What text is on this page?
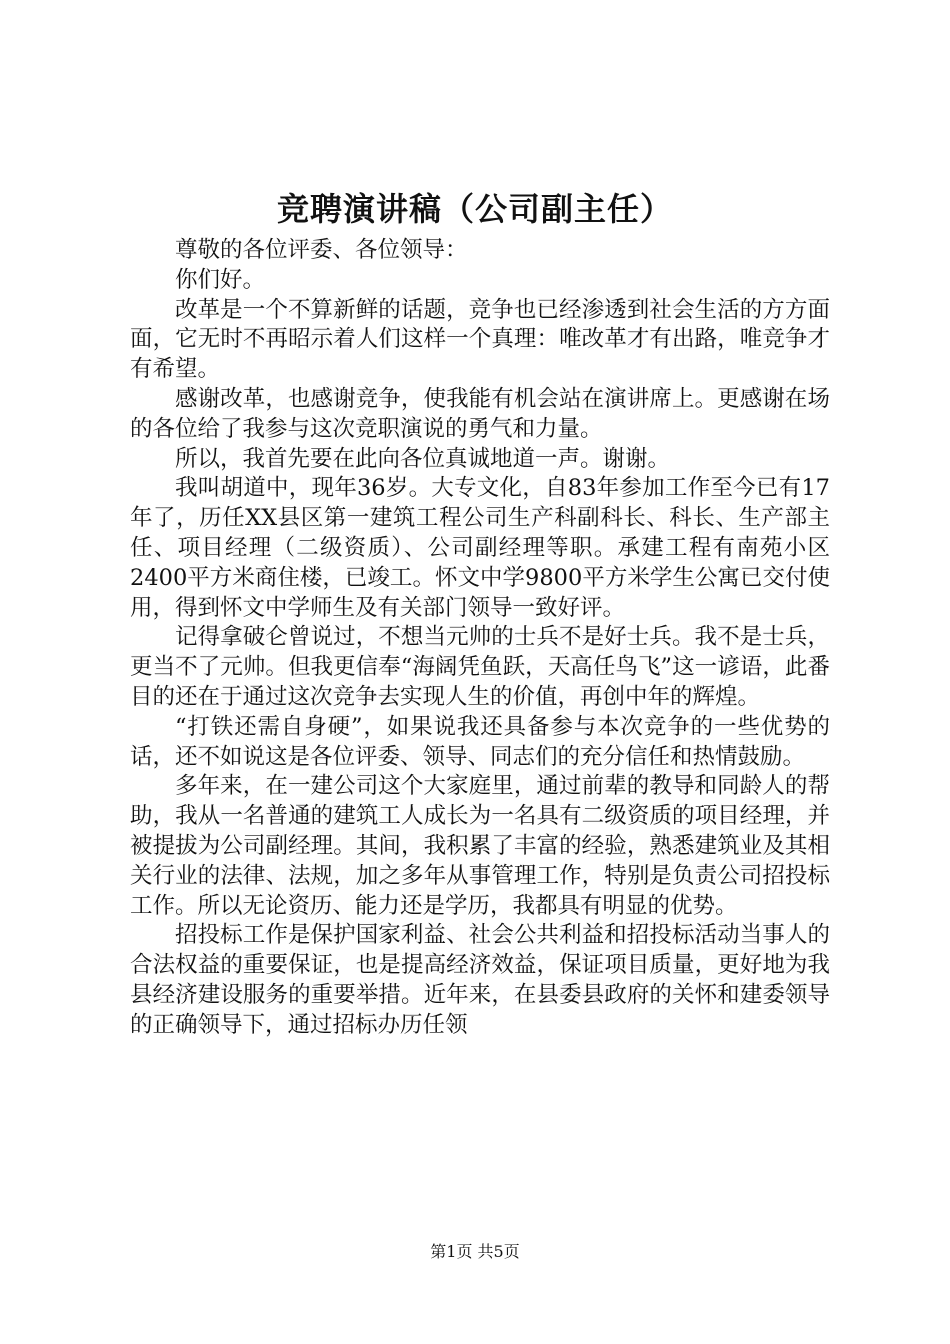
竞聘演讲稿（公司副主任）

尊敬的各位评委、各位领导：

你们好。

改革是一个不算新鲜的话题，竞争也已经渗透到社会生活的方方面面，它无时不再昭示着人们这样一个真理：唯改革才有出路，唯竞争才有希望。

感谢改革，也感谢竞争，使我能有机会站在演讲席上。更感谢在场的各位给了我参与这次竞职演说的勇气和力量。

所以，我首先要在此向各位真诚地道一声。谢谢。

我叫胡道中，现年36岁。大专文化，自83年参加工作至今已有17年了，历任XX县区第一建筑工程公司生产科副科长、科长、生产部主任、项目经理（二级资质）、公司副经理等职。承建工程有南苑小区2400平方米商住楼，已竣工。怀文中学9800平方米学生公寓已交付使用，得到怀文中学师生及有关部门领导一致好评。

记得拿破仑曾说过，不想当元帅的士兵不是好士兵。我不是士兵，更当不了元帅。但我更信奉“海阔凭鱼跃，天高任鸟飞”这一谚语，此番目的还在于通过这次竞争去实现人生的价值，再创中年的辉煌。

“打铁还需自身硬”，如果说我还具备参与本次竞争的一些优势的话，还不如说这是各位评委、领导、同志们的充分信任和热情鼓励。

多年来，在一建公司这个大家庭里，通过前辈的教导和同龄人的帮助，我从一名普通的建筑工人成长为一名具有二级资质的项目经理，并被提拔为公司副经理。其间，我积累了丰富的经验，熟悉建筑业及其相关行业的法律、法规，加之多年从事管理工作，特别是负责公司招投标工作。所以无论资历、能力还是学历，我都具有明显的优势。

招投标工作是保护国家利益、社会公共利益和招投标活动当事人的合法权益的重要保证，也是提高经济效益，保证项目质量，更好地为我县经济建设服务的重要举措。近年来，在县委县政府的关怀和建委领导的正确领导下，通过招标办历任领

第1页 共5页
